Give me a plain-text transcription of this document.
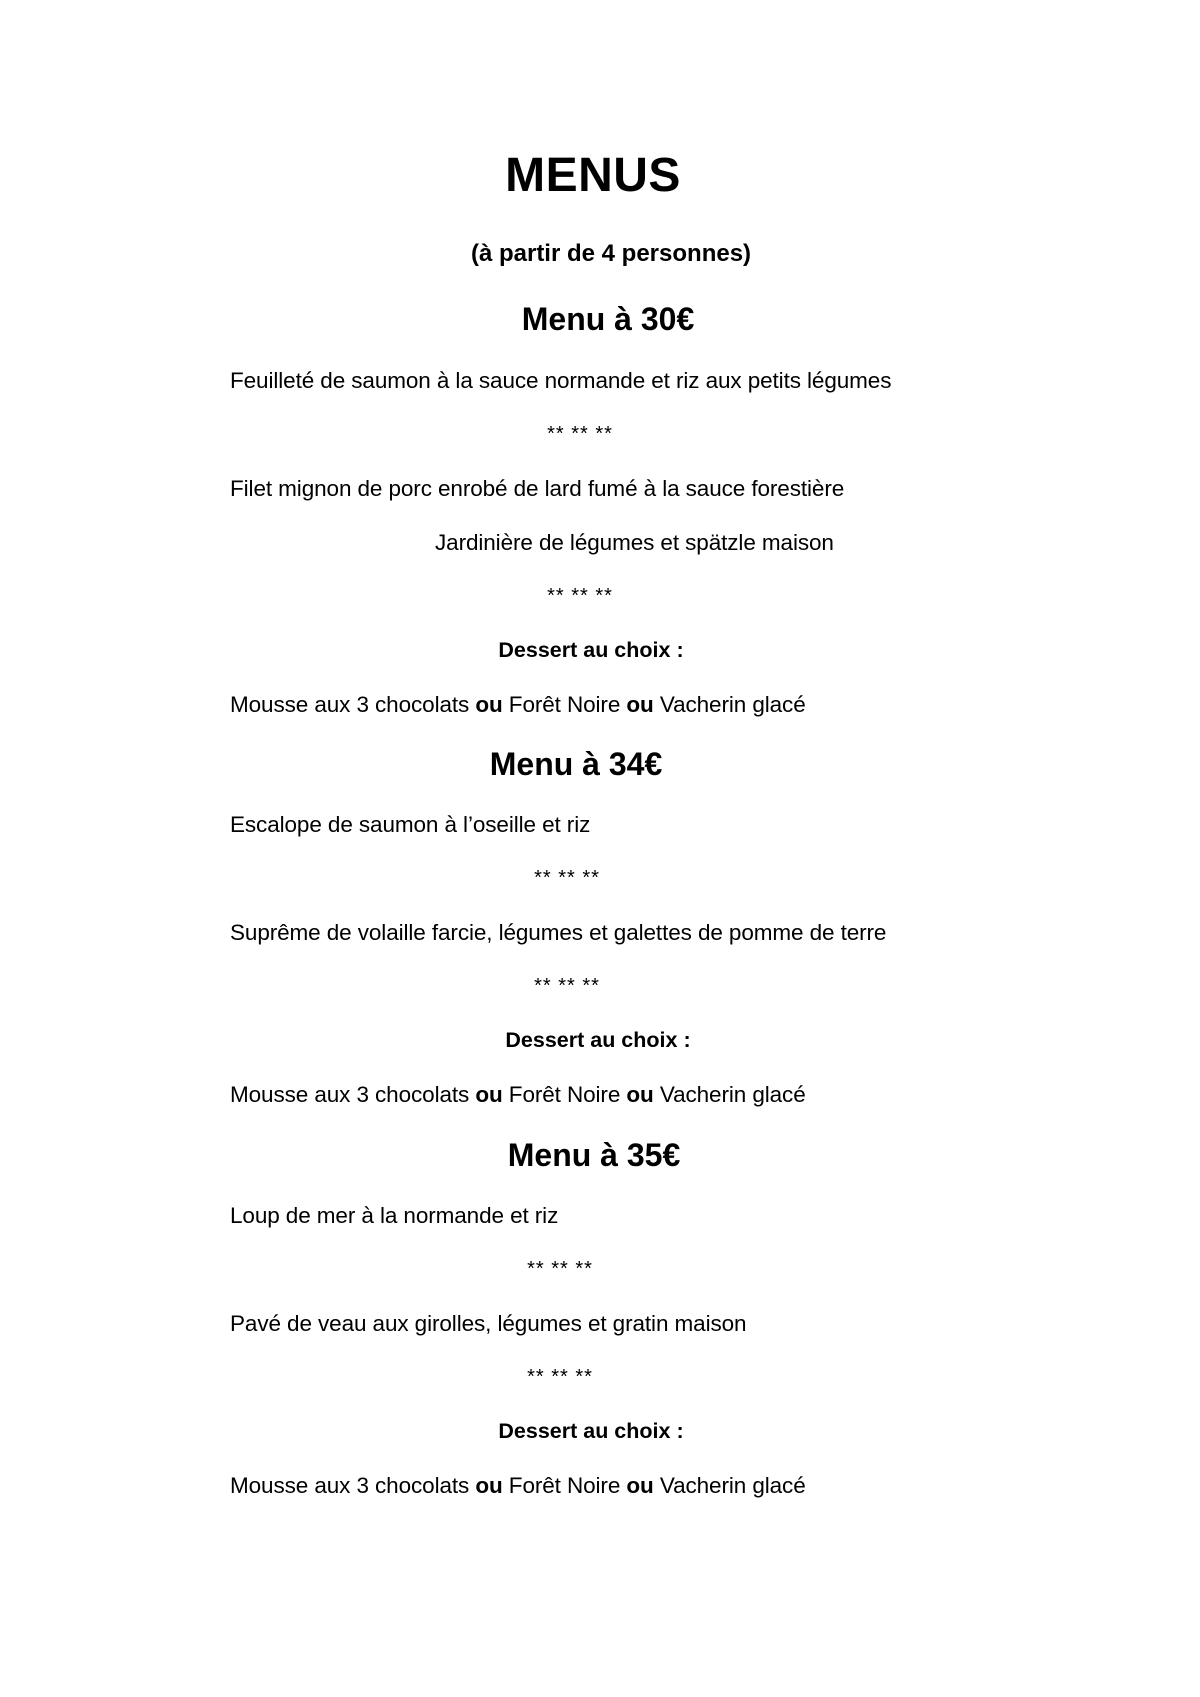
MENUS
(à partir de 4 personnes)
Menu à 30€
Feuilleté de saumon à la sauce normande et riz aux petits légumes
** ** **
Filet mignon de porc enrobé de lard fumé à la sauce forestière
Jardinière de légumes et spätzle maison
** ** **
Dessert au choix :
Mousse aux 3 chocolats ou Forêt Noire ou Vacherin glacé
Menu à 34€
Escalope de saumon à l’oseille et riz
** ** **
Suprême de volaille farcie, légumes et galettes de pomme de terre
** ** **
Dessert au choix :
Mousse aux 3 chocolats ou Forêt Noire ou Vacherin glacé
Menu à 35€
Loup de mer à la normande et riz
** ** **
Pavé de veau aux girolles, légumes et gratin maison
** ** **
Dessert au choix :
Mousse aux 3 chocolats ou Forêt Noire ou Vacherin glacé
